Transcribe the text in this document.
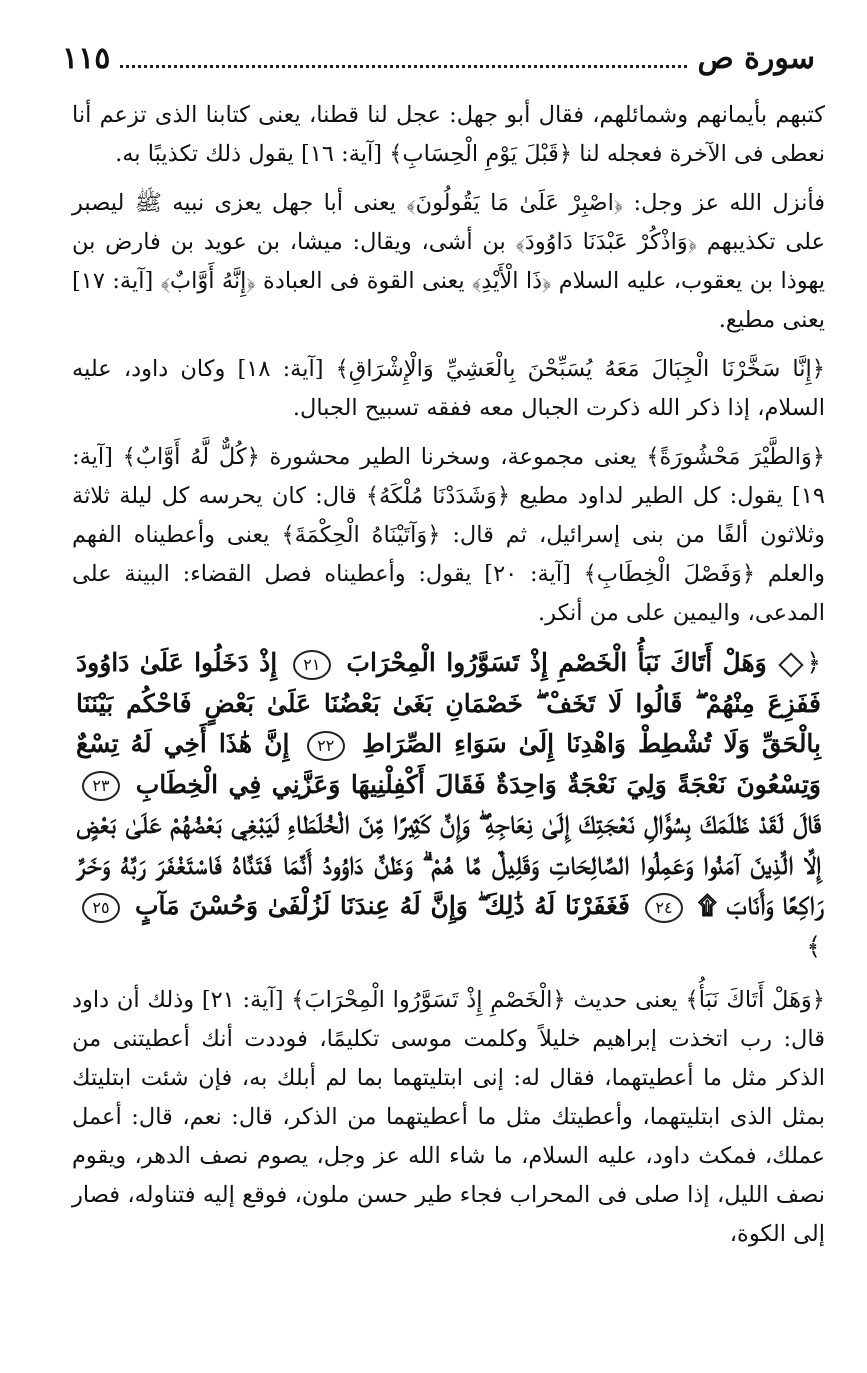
سورة ص
١١٥

كتبهم بأيمانهم وشمائلهم، فقال أبو جهل: عجل لنا قطنا، يعنى كتابنا الذى تزعم أنا نعطى فى الآخرة فعجله لنا ﴿قَبْلَ يَوْمِ الْحِسَابِ﴾ [آية: ١٦] يقول ذلك تكذيبًا به.

فأنزل الله عز وجل: ﴿اصْبِرْ عَلَىٰ مَا يَقُولُونَ﴾ يعنى أبا جهل يعزى نبيه ﷺ ليصبر على تكذيبهم ﴿وَاذْكُرْ عَبْدَنَا دَاوُودَ﴾ بن أشى، ويقال: ميشا، بن عويد بن فارض بن يهوذا بن يعقوب، عليه السلام ﴿ذَا الْأَيْدِ﴾ يعنى القوة فى العبادة ﴿إِنَّهُ أَوَّابٌ﴾ [آية: ١٧] يعنى مطيع.

﴿إِنَّا سَخَّرْنَا الْجِبَالَ مَعَهُ يُسَبِّحْنَ بِالْعَشِيِّ وَالْإِشْرَاقِ﴾ [آية: ١٨] وكان داود، عليه السلام، إذا ذكر الله ذكرت الجبال معه ففقه تسبيح الجبال.

﴿وَالطَّيْرَ مَحْشُورَةً﴾ يعنى مجموعة، وسخرنا الطير محشورة ﴿كُلٌّ لَّهُ أَوَّابٌ﴾ [آية: ١٩] يقول: كل الطير لداود مطيع ﴿وَشَدَدْنَا مُلْكَهُ﴾ قال: كان يحرسه كل ليلة ثلاثة وثلاثون ألفًا من بنى إسرائيل، ثم قال: ﴿وَآتَيْنَاهُ الْحِكْمَةَ﴾ يعنى وأعطيناه الفهم والعلم ﴿وَفَصْلَ الْخِطَابِ﴾ [آية: ٢٠] يقول: وأعطيناه فصل القضاء: البينة على المدعى، واليمين على من أنكر.

﴿ وَهَلْ أَتَاكَ نَبَأُ الْخَصْمِ إِذْ تَسَوَّرُوا الْمِحْرَابَ ٢١ إِذْ دَخَلُوا عَلَىٰ دَاوُودَ فَفَزِعَ مِنْهُمْ ۖ قَالُوا لَا تَخَفْ ۖ خَصْمَانِ بَغَىٰ بَعْضُنَا عَلَىٰ بَعْضٍ فَاحْكُم بَيْنَنَا بِالْحَقِّ وَلَا تُشْطِطْ وَاهْدِنَا إِلَىٰ سَوَاءِ الصِّرَاطِ ٢٢ إِنَّ هَٰذَا أَخِي لَهُ تِسْعٌ وَتِسْعُونَ نَعْجَةً وَلِيَ نَعْجَةٌ وَاحِدَةٌ فَقَالَ أَكْفِلْنِيهَا وَعَزَّنِي فِي الْخِطَابِ ٢٣ قَالَ لَقَدْ ظَلَمَكَ بِسُؤَالِ نَعْجَتِكَ إِلَىٰ نِعَاجِهِ ۖ وَإِنَّ كَثِيرًا مِّنَ الْخُلَطَاءِ لَيَبْغِي بَعْضُهُمْ عَلَىٰ بَعْضٍ إِلَّا الَّذِينَ آمَنُوا وَعَمِلُوا الصَّالِحَاتِ وَقَلِيلٌ مَّا هُمْ ۗ وَظَنَّ دَاوُودُ أَنَّمَا فَتَنَّاهُ فَاسْتَغْفَرَ رَبَّهُ وَخَرَّ رَاكِعًا وَأَنَابَ ۩ ٢٤ فَغَفَرْنَا لَهُ ذَٰلِكَ ۖ وَإِنَّ لَهُ عِندَنَا لَزُلْفَىٰ وَحُسْنَ مَآبٍ ٢٥ ﴾

﴿وَهَلْ أَتَاكَ نَبَأُ﴾ يعنى حديث ﴿الْخَصْمِ إِذْ تَسَوَّرُوا الْمِحْرَابَ﴾ [آية: ٢١] وذلك أن داود قال: رب اتخذت إبراهيم خليلاً وكلمت موسى تكليمًا، فوددت أنك أعطيتنى من الذكر مثل ما أعطيتهما، فقال له: إنى ابتليتهما بما لم أبلك به، فإن شئت ابتليتك بمثل الذى ابتليتهما، وأعطيتك مثل ما أعطيتهما من الذكر، قال: نعم، قال: أعمل عملك، فمكث داود، عليه السلام، ما شاء الله عز وجل، يصوم نصف الدهر، ويقوم نصف الليل، إذا صلى فى المحراب فجاء طير حسن ملون، فوقع إليه فتناوله، فصار إلى الكوة،
